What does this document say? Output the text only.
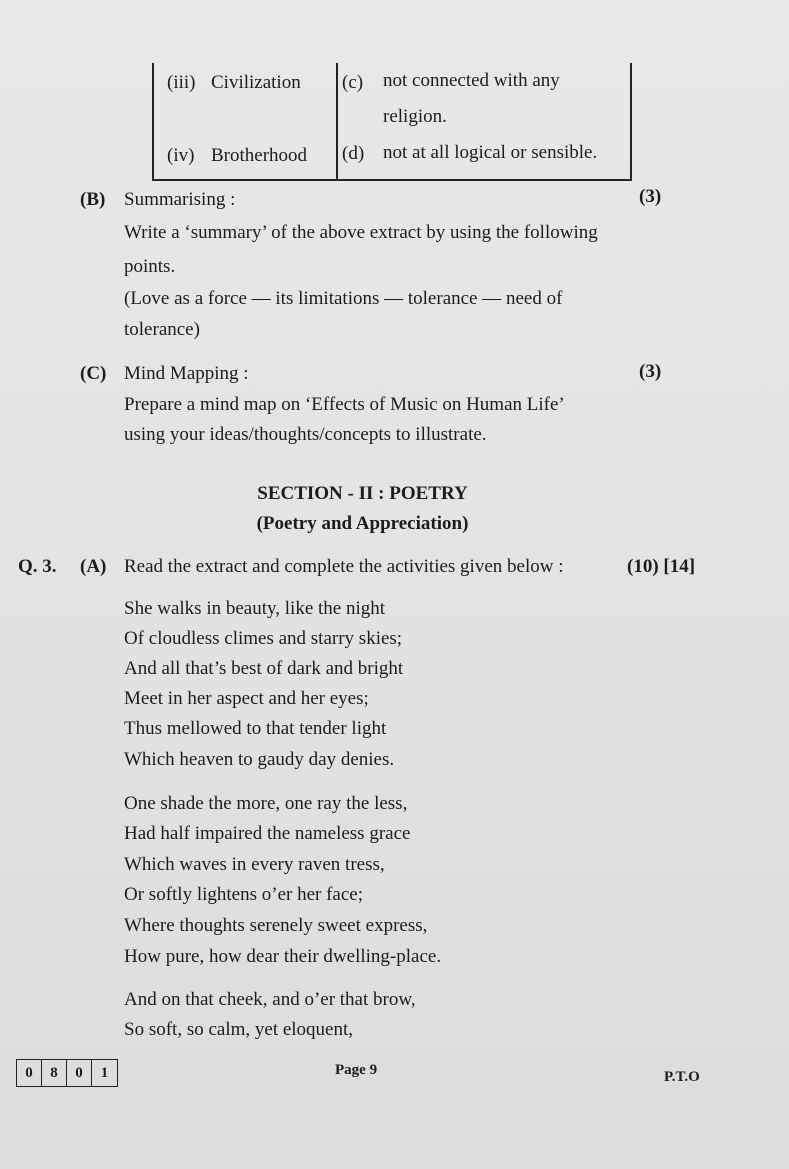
(iii) Civilization (c) not connected with any
religion.
(iv) Brotherhood (d) not at all logical or sensible.
(B) Summarising :	(3)
Write a ‘summary’ of the above extract by using the following
points.
(Love as a force — its limitations — tolerance — need of
tolerance)
(C) Mind Mapping :	(3)
Prepare a mind map on ‘Effects of Music on Human Life’
using your ideas/thoughts/concepts to illustrate.
SECTION - II : POETRY
(Poetry and Appreciation)
Q. 3. (A) Read the extract and complete the activities given below :	(10) [14]
She walks in beauty, like the night
Of cloudless climes and starry skies;
And all that’s best of dark and bright
Meet in her aspect and her eyes;
Thus mellowed to that tender light
Which heaven to gaudy day denies.
One shade the more, one ray the less,
Had half impaired the nameless grace
Which waves in every raven tress,
Or softly lightens o’er her face;
Where thoughts serenely sweet express,
How pure, how dear their dwelling-place.
And on that cheek, and o’er that brow,
So soft, so calm, yet eloquent,
0	8	0	1	Page 9	P.T.O
